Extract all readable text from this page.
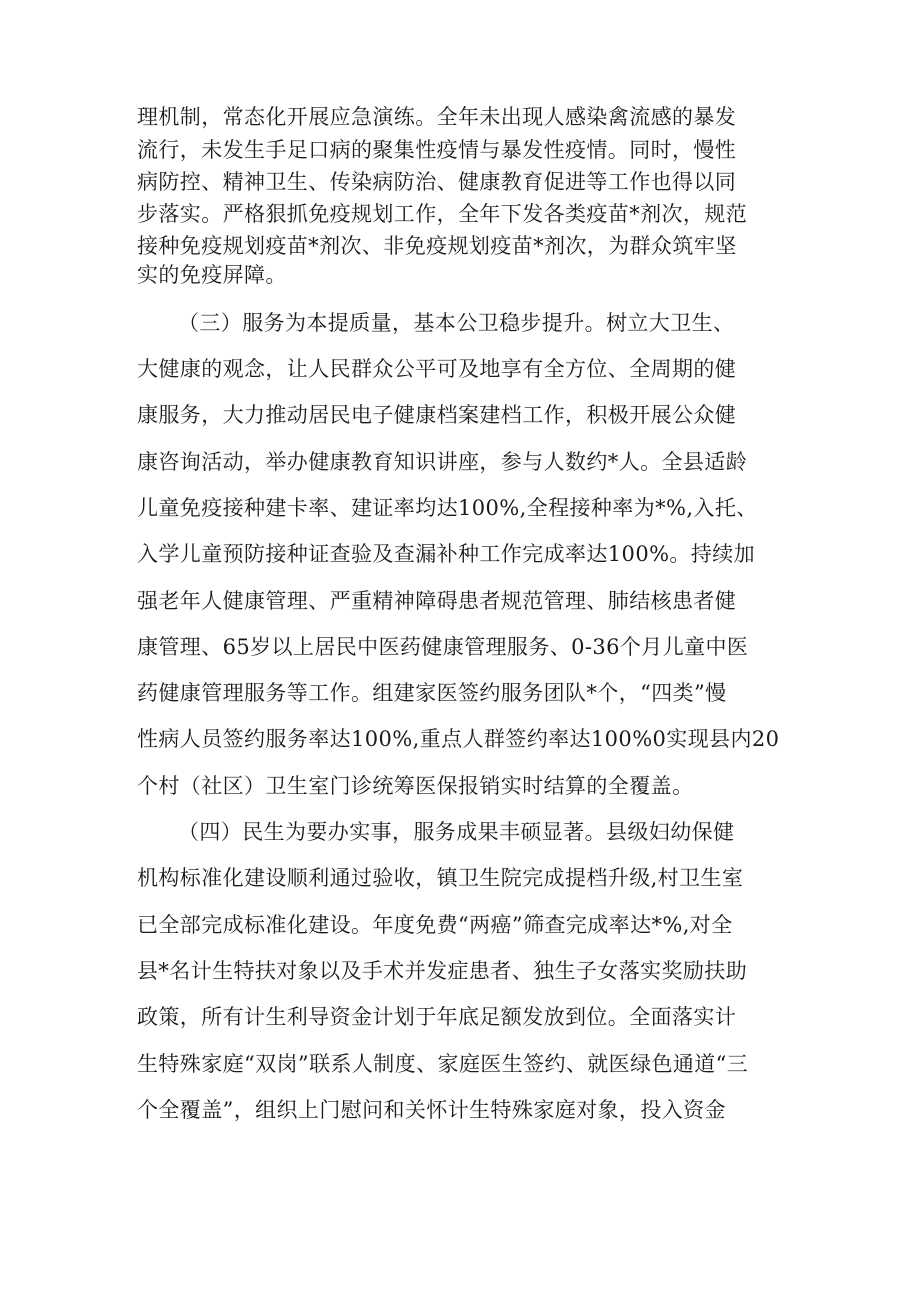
理机制，常态化开展应急演练。全年未出现人感染禽流感的暴发
流行，未发生手足口病的聚集性疫情与暴发性疫情。同时，慢性
病防控、精神卫生、传染病防治、健康教育促进等工作也得以同
步落实。严格狠抓免疫规划工作，全年下发各类疫苗*剂次，规范
接种免疫规划疫苗*剂次、非免疫规划疫苗*剂次，为群众筑牢坚
实的免疫屏障。
（三）服务为本提质量，基本公卫稳步提升。树立大卫生、
大健康的观念，让人民群众公平可及地享有全方位、全周期的健
康服务，大力推动居民电子健康档案建档工作，积极开展公众健
康咨询活动，举办健康教育知识讲座，参与人数约*人。全县适龄
儿童免疫接种建卡率、建证率均达100%,全程接种率为*%,入托、
入学儿童预防接种证查验及查漏补种工作完成率达100%。持续加
强老年人健康管理、严重精神障碍患者规范管理、肺结核患者健
康管理、65岁以上居民中医药健康管理服务、0-36个月儿童中医
药健康管理服务等工作。组建家医签约服务团队*个，“四类”慢
性病人员签约服务率达100%,重点人群签约率达100%0实现县内20
个村（社区）卫生室门诊统筹医保报销实时结算的全覆盖。
（四）民生为要办实事，服务成果丰硕显著。县级妇幼保健
机构标准化建设顺利通过验收，镇卫生院完成提档升级,村卫生室
已全部完成标准化建设。年度免费“两癌”筛查完成率达*%,对全
县*名计生特扶对象以及手术并发症患者、独生子女落实奖励扶助
政策，所有计生利导资金计划于年底足额发放到位。全面落实计
生特殊家庭“双岗”联系人制度、家庭医生签约、就医绿色通道“三
个全覆盖”，组织上门慰问和关怀计生特殊家庭对象，投入资金
